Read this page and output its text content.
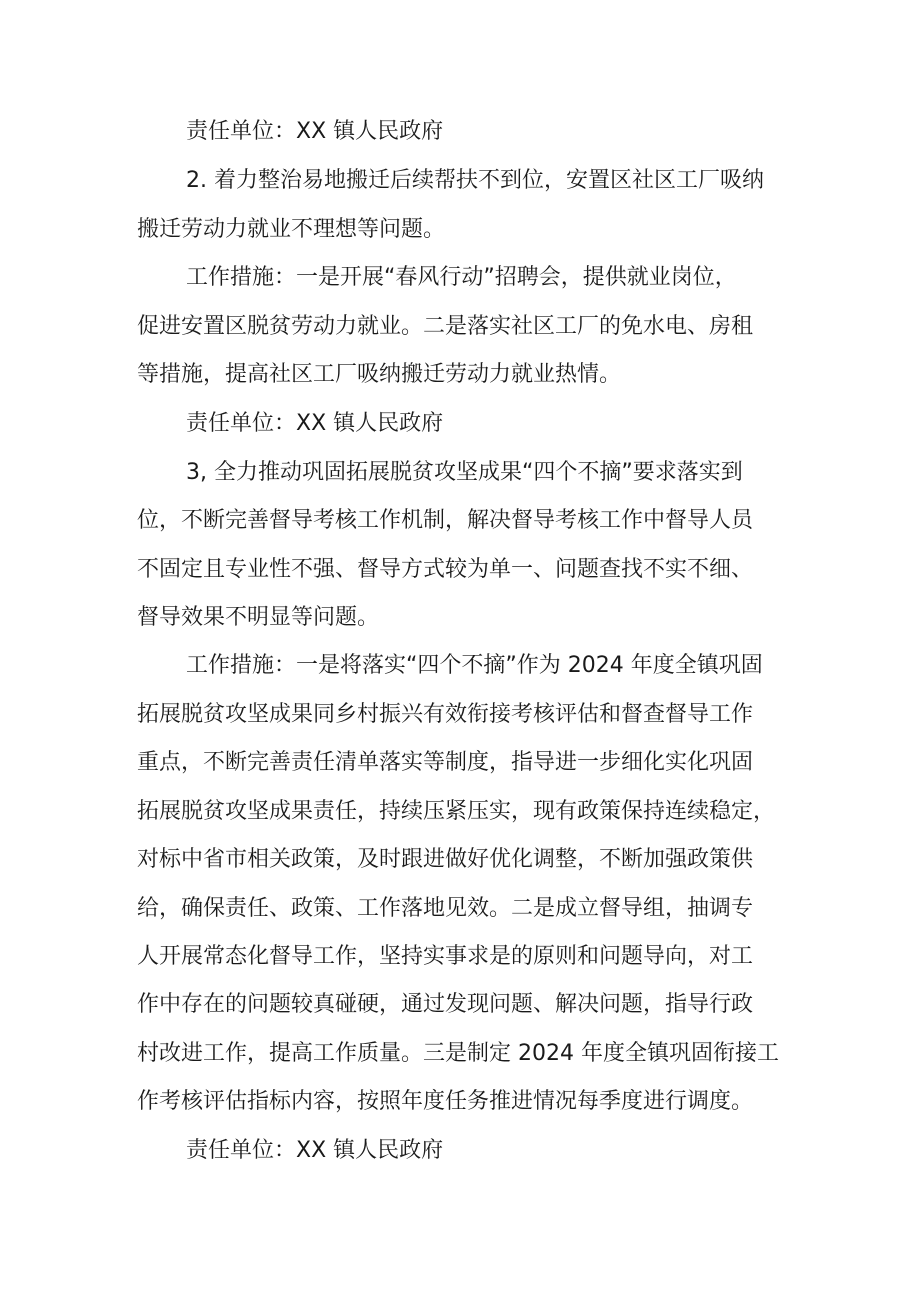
责任单位：XX 镇人民政府
2. 着力整治易地搬迁后续帮扶不到位，安置区社区工厂吸纳
搬迁劳动力就业不理想等问题。
工作措施：一是开展“春风行动”招聘会，提供就业岗位，
促进安置区脱贫劳动力就业。二是落实社区工厂的免水电、房租
等措施，提高社区工厂吸纳搬迁劳动力就业热情。
责任单位：XX 镇人民政府
3, 全力推动巩固拓展脱贫攻坚成果“四个不摘”要求落实到
位，不断完善督导考核工作机制，解决督导考核工作中督导人员
不固定且专业性不强、督导方式较为单一、问题查找不实不细、
督导效果不明显等问题。
工作措施：一是将落实“四个不摘”作为 2024 年度全镇巩固
拓展脱贫攻坚成果同乡村振兴有效衔接考核评估和督查督导工作
重点，不断完善责任清单落实等制度，指导进一步细化实化巩固
拓展脱贫攻坚成果责任，持续压紧压实，现有政策保持连续稳定，
对标中省市相关政策，及时跟进做好优化调整，不断加强政策供
给，确保责任、政策、工作落地见效。二是成立督导组，抽调专
人开展常态化督导工作，坚持实事求是的原则和问题导向，对工
作中存在的问题较真碰硬，通过发现问题、解决问题，指导行政
村改进工作，提高工作质量。三是制定 2024 年度全镇巩固衔接工
作考核评估指标内容，按照年度任务推进情况每季度进行调度。
责任单位：XX 镇人民政府
